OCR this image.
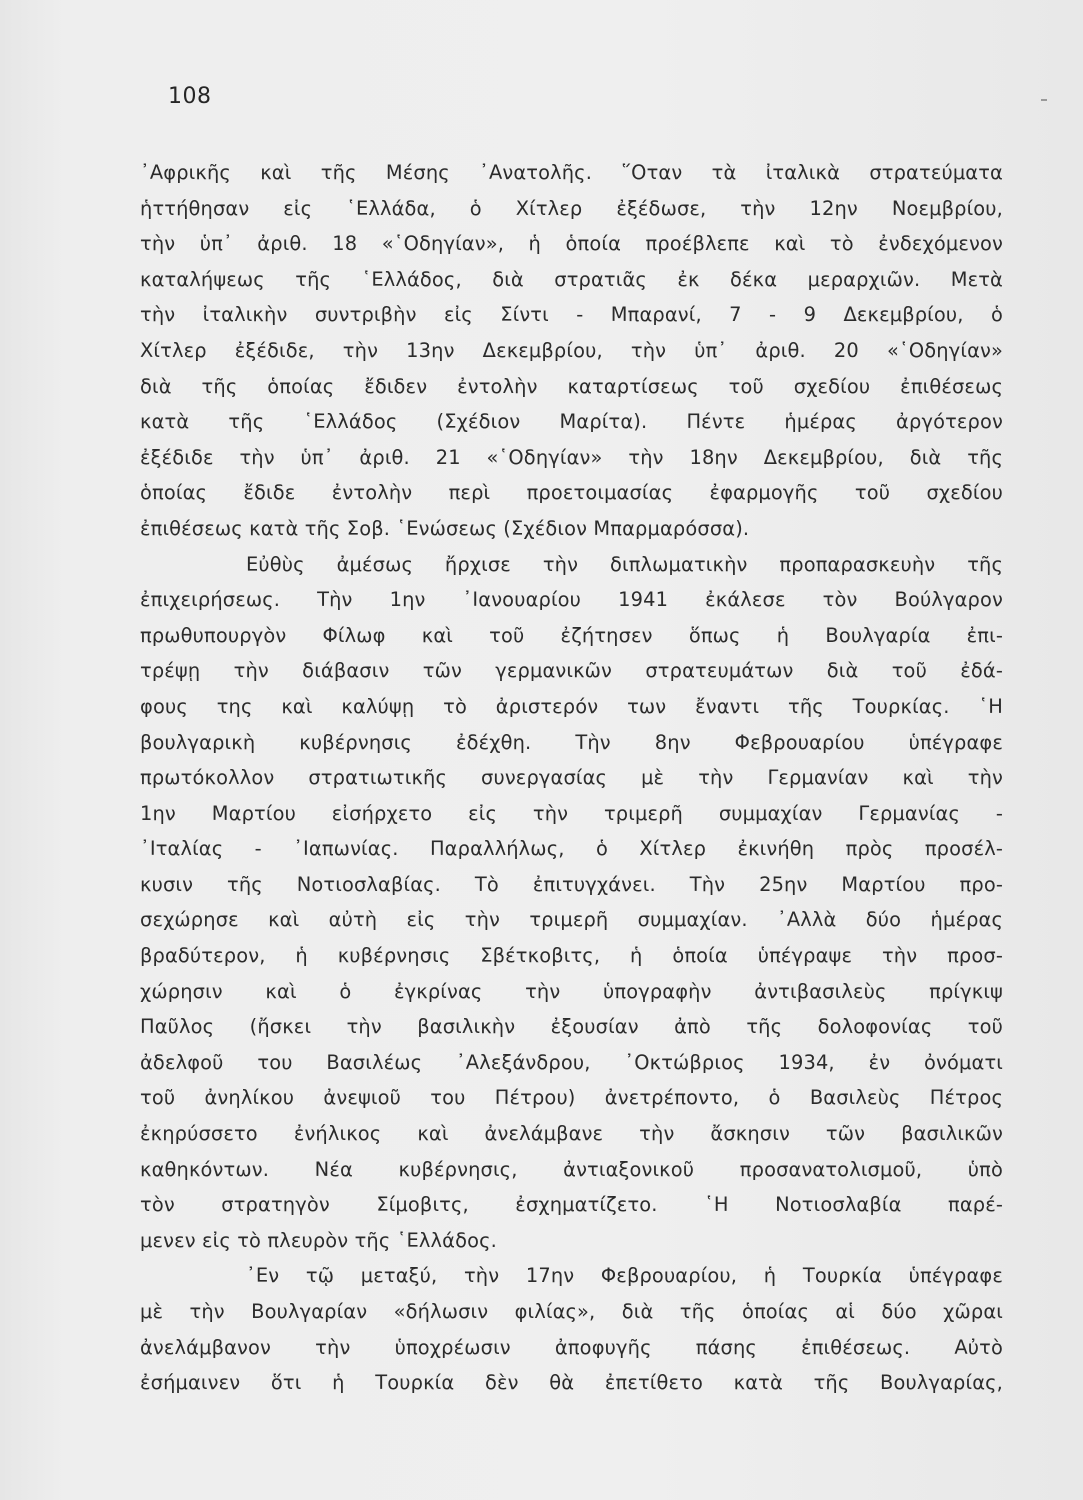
108
᾿Αφρικῆς καὶ τῆς Μέσης ᾿Ανατολῆς. ῞Οταν τὰ ἰταλικὰ στρατεύματα
ἡττήθησαν εἰς ῾Ελλάδα, ὁ Χίτλερ ἐξέδωσε, τὴν 12ην Νοεμβρίου,
τὴν ὑπ᾿ ἀριθ. 18 «῾Οδηγίαν», ἡ ὁποία προέβλεπε καὶ τὸ ἐνδεχόμενον
καταλήψεως τῆς ῾Ελλάδος, διὰ στρατιᾶς ἐκ δέκα μεραρχιῶν. Μετὰ
τὴν ἰταλικὴν συντριβὴν εἰς Σίντι - Μπαρανί, 7 - 9 Δεκεμβρίου, ὁ
Χίτλερ ἐξέδιδε, τὴν 13ην Δεκεμβρίου, τὴν ὑπ᾿ ἀριθ. 20 «῾Οδηγίαν»
διὰ τῆς ὁποίας ἔδιδεν ἐντολὴν καταρτίσεως τοῦ σχεδίου ἐπιθέσεως
κατὰ τῆς ῾Ελλάδος (Σχέδιον Μαρίτα). Πέντε ἡμέρας ἀργότερον
ἐξέδιδε τὴν ὑπ᾿ ἀριθ. 21 «῾Οδηγίαν» τὴν 18ην Δεκεμβρίου, διὰ τῆς
ὁποίας ἔδιδε ἐντολὴν περὶ προετοιμασίας ἐφαρμογῆς τοῦ σχεδίου
ἐπιθέσεως κατὰ τῆς Σοβ. ῾Ενώσεως (Σχέδιον Μπαρμαρόσσα).
Εὐθὺς ἀμέσως ἤρχισε τὴν διπλωματικὴν προπαρασκευὴν τῆς
ἐπιχειρήσεως. Τὴν 1ην ᾿Ιανουαρίου 1941 ἐκάλεσε τὸν Βούλγαρον
πρωθυπουργὸν Φίλωφ καὶ τοῦ ἐζήτησεν ὅπως ἡ Βουλγαρία ἐπι-
τρέψῃ τὴν διάβασιν τῶν γερμανικῶν στρατευμάτων διὰ τοῦ ἐδά-
φους της καὶ καλύψῃ τὸ ἀριστερόν των ἔναντι τῆς Τουρκίας. ῾Η
βουλγαρικὴ κυβέρνησις ἐδέχθη. Τὴν 8ην Φεβρουαρίου ὑπέγραφε
πρωτόκολλον στρατιωτικῆς συνεργασίας μὲ τὴν Γερμανίαν καὶ τὴν
1ην Μαρτίου εἰσήρχετο εἰς τὴν τριμερῆ συμμαχίαν Γερμανίας -
᾿Ιταλίας - ᾿Ιαπωνίας. Παραλλήλως, ὁ Χίτλερ ἐκινήθη πρὸς προσέλ-
κυσιν τῆς Νοτιοσλαβίας. Τὸ ἐπιτυγχάνει. Τὴν 25ην Μαρτίου προ-
σεχώρησε καὶ αὐτὴ εἰς τὴν τριμερῆ συμμαχίαν. ᾿Αλλὰ δύο ἡμέρας
βραδύτερον, ἡ κυβέρνησις Σβέτκοβιτς, ἡ ὁποία ὑπέγραψε τὴν προσ-
χώρησιν καὶ ὁ ἐγκρίνας τὴν ὑπογραφὴν ἀντιβασιλεὺς πρίγκιψ
Παῦλος (ἤσκει τὴν βασιλικὴν ἐξουσίαν ἀπὸ τῆς δολοφονίας τοῦ
ἀδελφοῦ του Βασιλέως ᾿Αλεξάνδρου, ᾿Οκτώβριος 1934, ἐν ὀνόματι
τοῦ ἀνηλίκου ἀνεψιοῦ του Πέτρου) ἀνετρέποντο, ὁ Βασιλεὺς Πέτρος
ἐκηρύσσετο ἐνήλικος καὶ ἀνελάμβανε τὴν ἄσκησιν τῶν βασιλικῶν
καθηκόντων. Νέα κυβέρνησις, ἀντιαξονικοῦ προσανατολισμοῦ, ὑπὸ
τὸν στρατηγὸν Σίμοβιτς, ἐσχηματίζετο. ῾Η Νοτιοσλαβία παρέ-
μενεν εἰς τὸ πλευρὸν τῆς ῾Ελλάδος.
᾿Εν τῷ μεταξύ, τὴν 17ην Φεβρουαρίου, ἡ Τουρκία ὑπέγραφε
μὲ τὴν Βουλγαρίαν «δήλωσιν φιλίας», διὰ τῆς ὁποίας αἱ δύο χῶραι
ἀνελάμβανον τὴν ὑποχρέωσιν ἀποφυγῆς πάσης ἐπιθέσεως. Αὐτὸ
ἐσήμαινεν ὅτι ἡ Τουρκία δὲν θὰ ἐπετίθετο κατὰ τῆς Βουλγαρίας,
